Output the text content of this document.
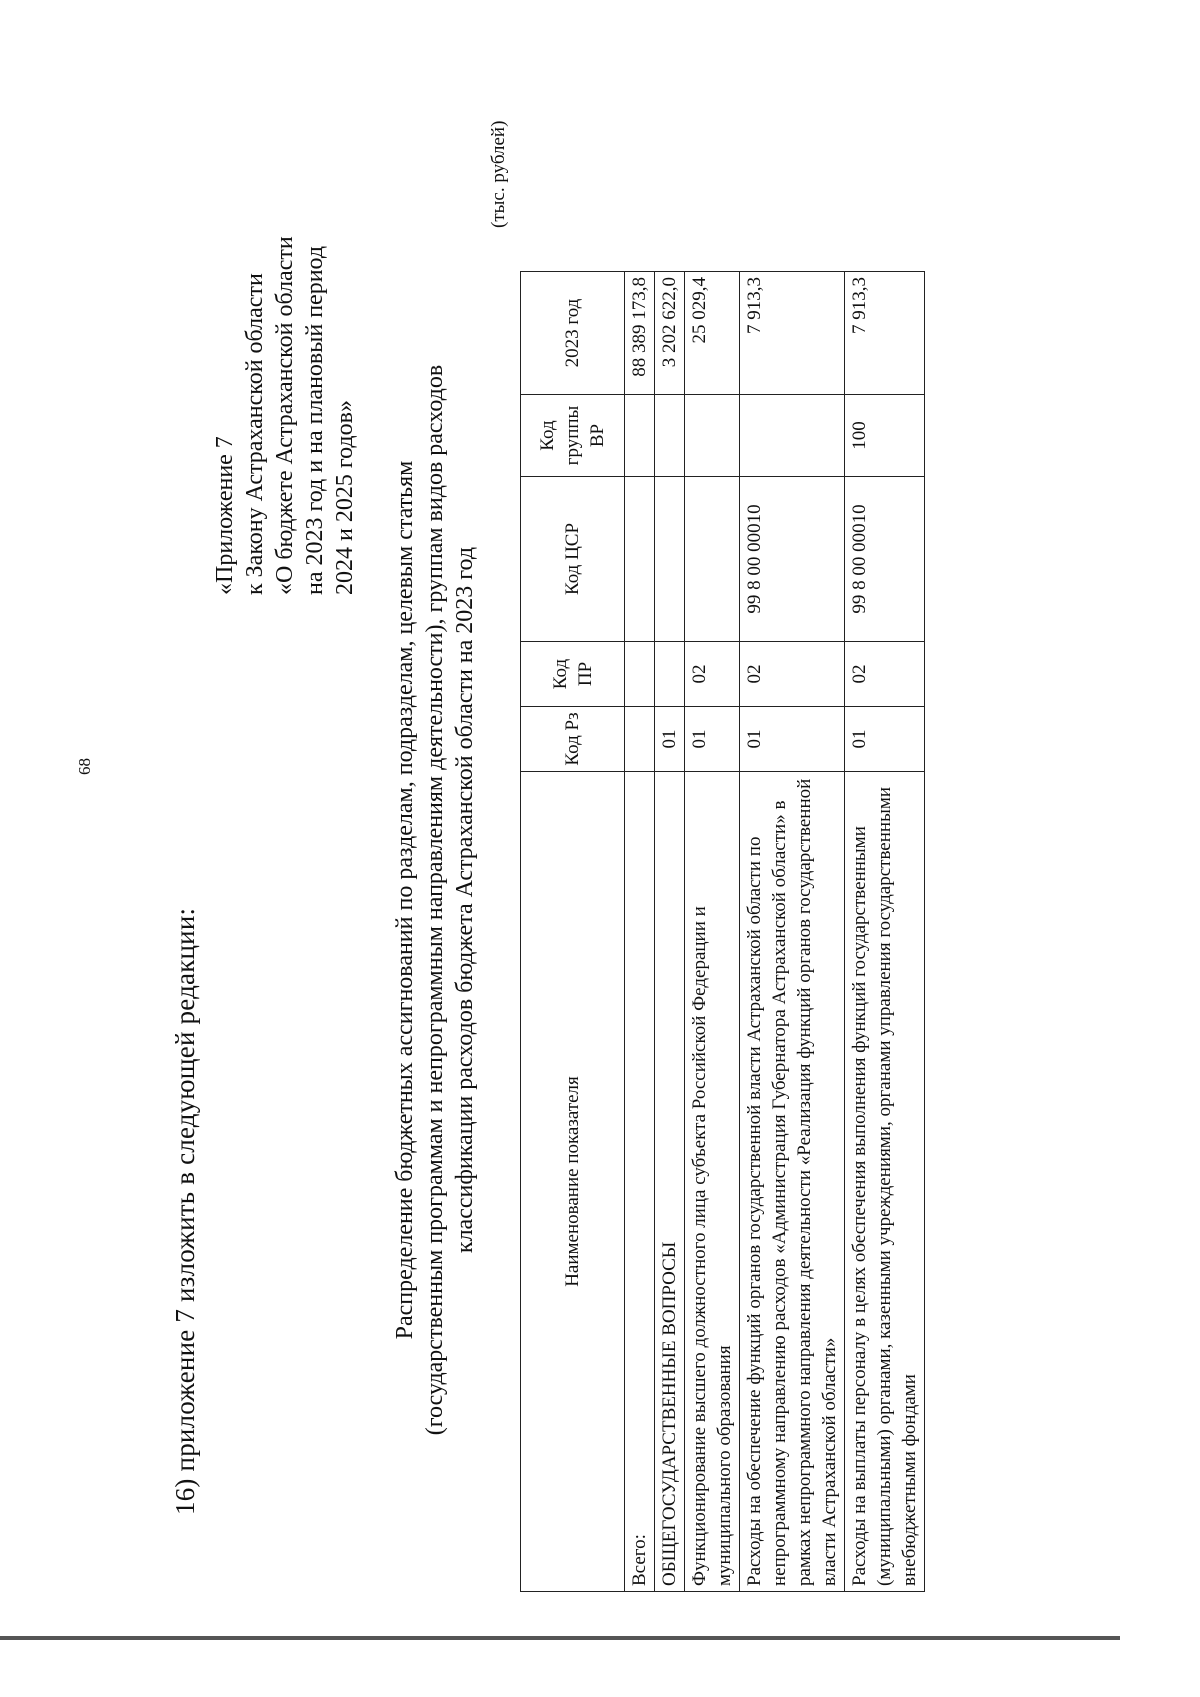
68
16) приложение 7 изложить в следующей редакции:
«Приложение 7 к Закону Астраханской области «О бюджете Астраханской области на 2023 год и на плановый период 2024 и 2025 годов» Распределение бюджетных ассигнований по разделам, подразделам, целевым статьям (государственным программам и непрограммным направлениям деятельности), группам видов расходов классификации расходов бюджета Астраханской области на 2023 год
(тыс. рублей)
Наименование показателя	Код Рз	Код ПР	Код ЦСР	Код группы ВР	2023 год
Всего:					88 389 173,8
ОБЩЕГОСУДАРСТВЕННЫЕ ВОПРОСЫ	01				3 202 622,0
Функционирование высшего должностного лица субъекта Российской Федерации и муниципального образования	01	02			25 029,4
Расходы на обеспечение функций органов государственной власти Астраханской области по непрограммному направлению расходов «Администрация Губернатора Астраханской области» в рамках непрограммного направления деятельности «Реализация функций органов государственной власти Астраханской области»	01	02	99 8 00 00010		7 913,3
Расходы на выплаты персоналу в целях обеспечения выполнения функций государственными (муниципальными) органами, казенными учреждениями, органами управления государственными внебюджетными фондами	01	02	99 8 00 00010	100	7 913,3
